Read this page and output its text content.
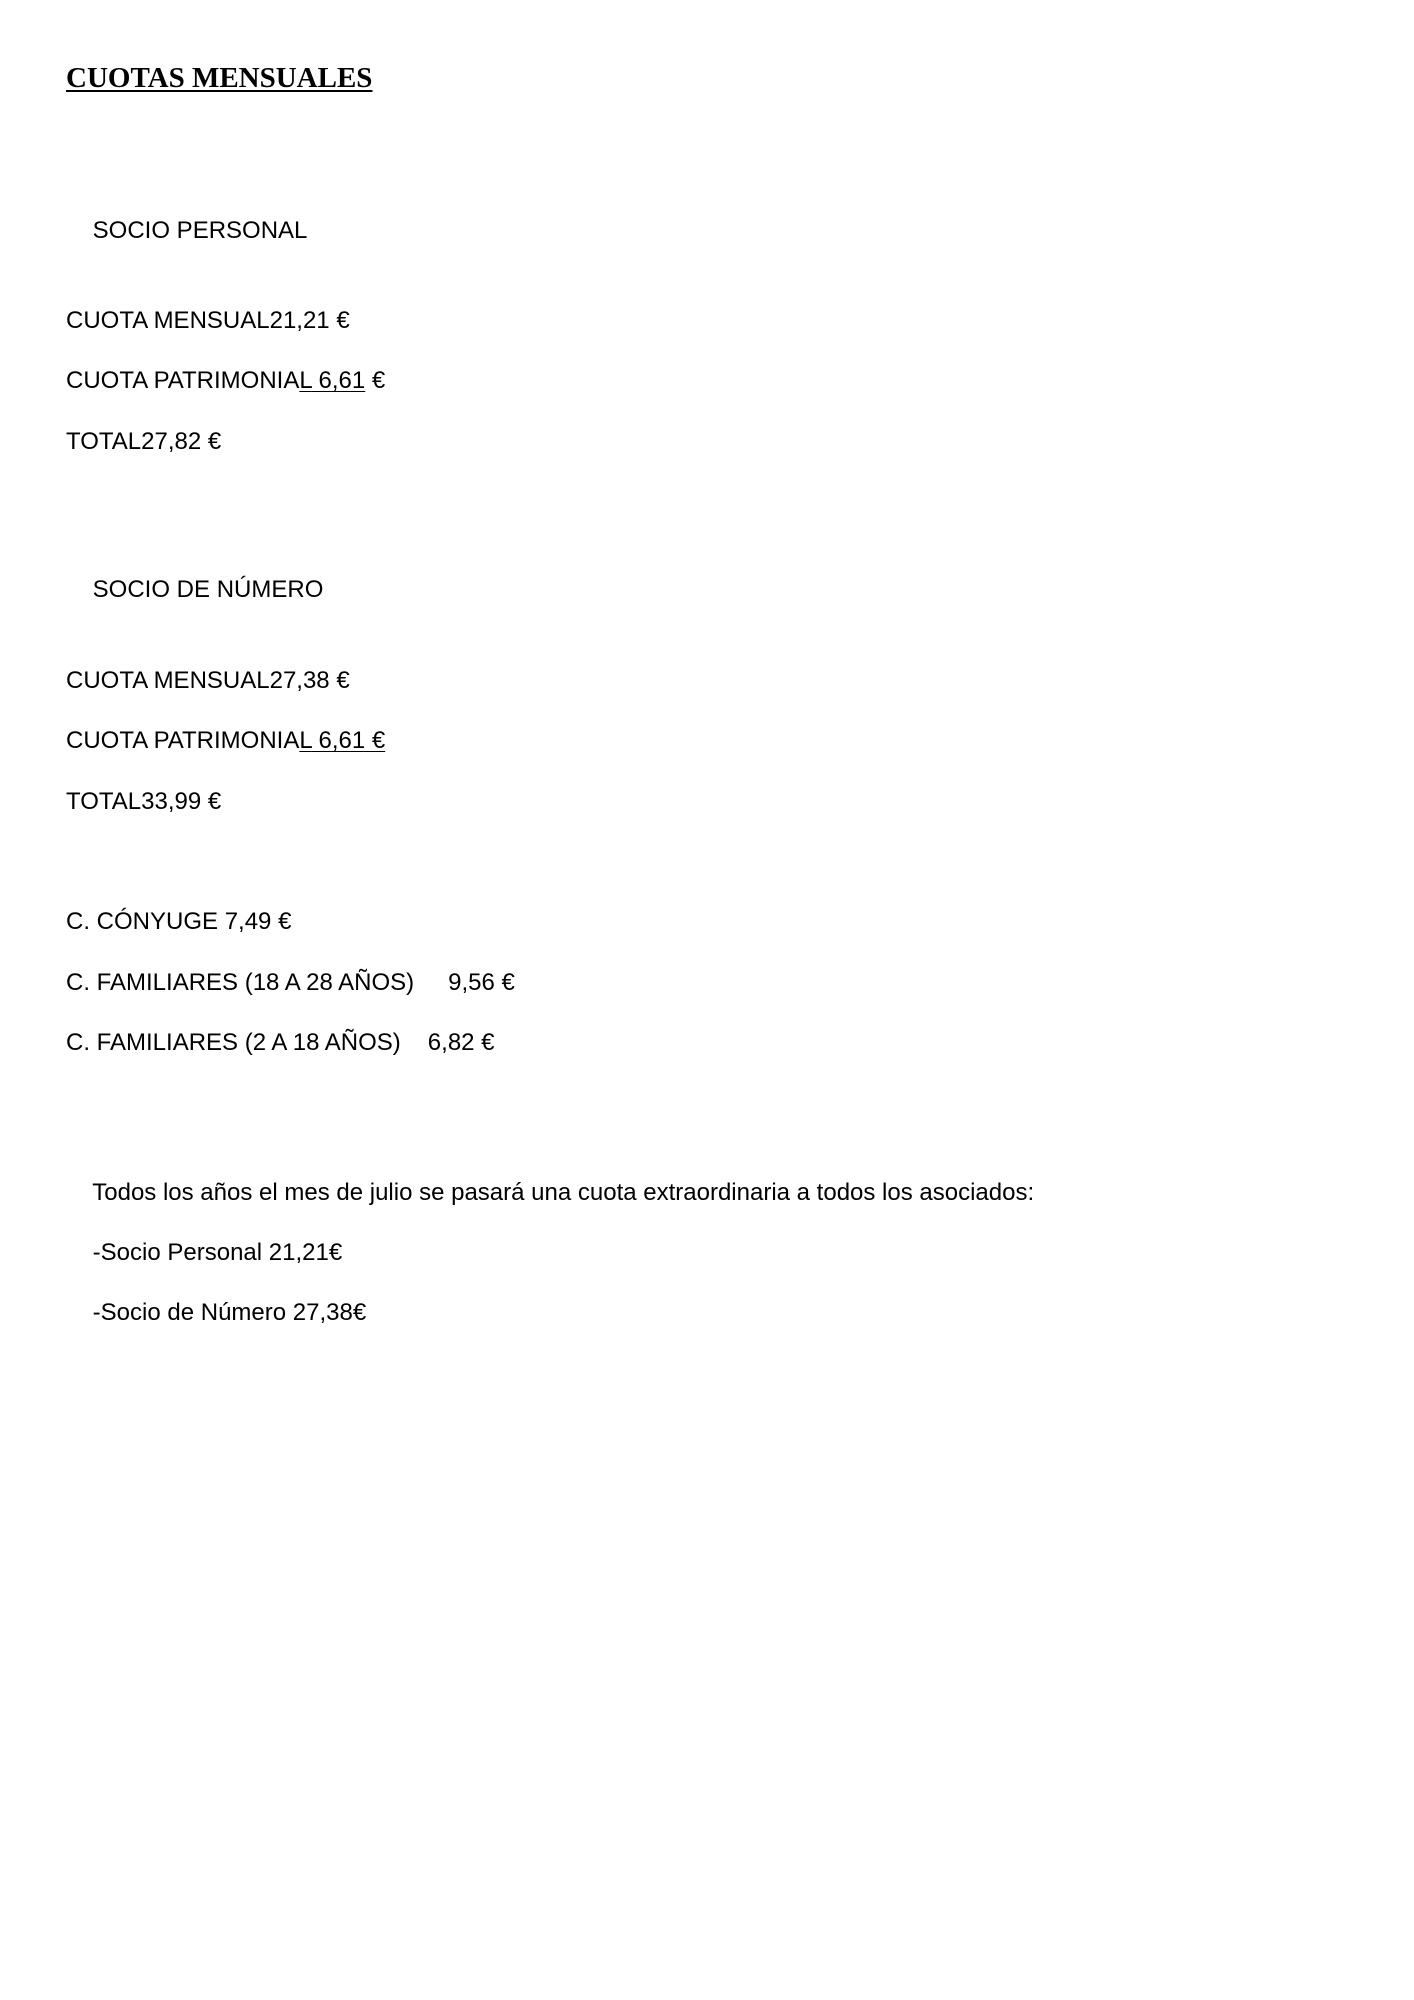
CUOTAS MENSUALES

SOCIO PERSONAL

CUOTA MENSUAL21,21 €
CUOTA PATRIMONIAL 6,61 €
TOTAL27,82 €

SOCIO DE NÚMERO

CUOTA MENSUAL27,38 €
CUOTA PATRIMONIAL 6,61 €
TOTAL33,99 €
C. CÓNYUGE 7,49 €
C. FAMILIARES (18 A 28 AÑOS) 9,56 €
C. FAMILIARES (2 A 18 AÑOS) 6,82 €

Todos los años el mes de julio se pasará una cuota extraordinaria a todos los asociados:

-Socio Personal 21,21€

-Socio de Número 27,38€
